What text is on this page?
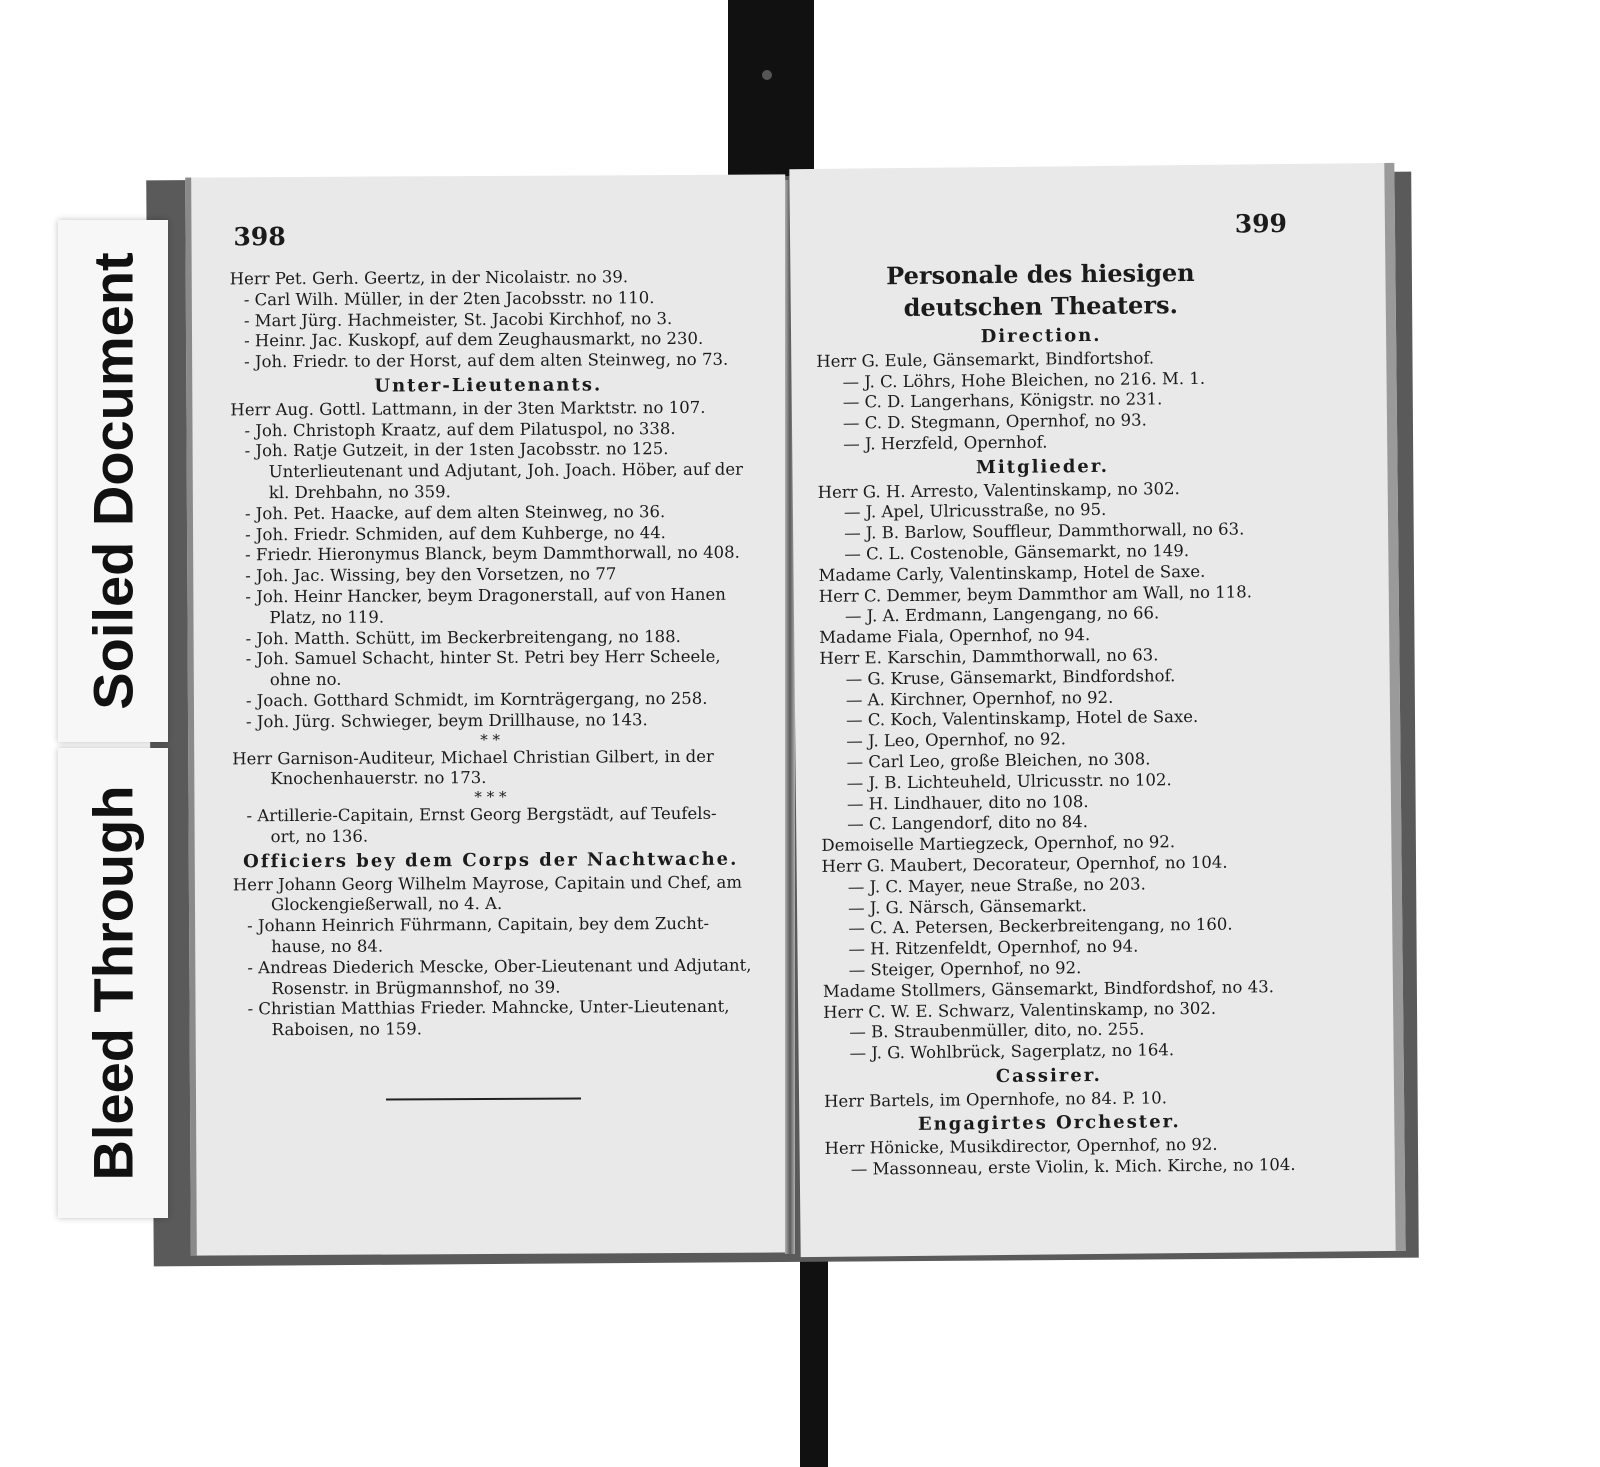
398
Herr Pet. Gerh. Geertz, in der Nicolaistr. no 39.
- Carl Wilh. Müller, in der 2ten Jacobsstr. no 110.
- Mart Jürg. Hachmeister, St. Jacobi Kirchhof, no 3.
- Heinr. Jac. Kuskopf, auf dem Zeughausmarkt, no 230.
- Joh. Friedr. to der Horst, auf dem alten Steinweg, no 73.
Unter-Lieutenants.
Herr Aug. Gottl. Lattmann, in der 3ten Marktstr. no 107.
- Joh. Christoph Kraatz, auf dem Pilatuspol, no 338.
- Joh. Ratje Gutzeit, in der 1sten Jacobsstr. no 125.
Unterlieutenant und Adjutant, Joh. Joach. Höber, auf der
kl. Drehbahn, no 359.
- Joh. Pet. Haacke, auf dem alten Steinweg, no 36.
- Joh. Friedr. Schmiden, auf dem Kuhberge, no 44.
- Friedr. Hieronymus Blanck, beym Dammthorwall, no 408.
- Joh. Jac. Wissing, bey den Vorsetzen, no 77
- Joh. Heinr Hancker, beym Dragonerstall, auf von Hanen
Platz, no 119.
- Joh. Matth. Schütt, im Beckerbreitengang, no 188.
- Joh. Samuel Schacht, hinter St. Petri bey Herr Scheele,
ohne no.
- Joach. Gotthard Schmidt, im Kornträgergang, no 258.
- Joh. Jürg. Schwieger, beym Drillhause, no 143.
* *
Herr Garnison-Auditeur, Michael Christian Gilbert, in der
Knochenhauerstr. no 173.
* * *
- Artillerie-Capitain, Ernst Georg Bergstädt, auf Teufels-
ort, no 136.
Officiers bey dem Corps der Nachtwache.
Herr Johann Georg Wilhelm Mayrose, Capitain und Chef, am
Glockengießerwall, no 4. A.
- Johann Heinrich Führmann, Capitain, bey dem Zucht-
hause, no 84.
- Andreas Diederich Mescke, Ober-Lieutenant und Adjutant,
Rosenstr. in Brügmannshof, no 39.
- Christian Matthias Frieder. Mahncke, Unter-Lieutenant,
Raboisen, no 159.
399
Personale des hiesigen deutschen Theaters.
Direction.
Herr G. Eule, Gänsemarkt, Bindfortshof.
— J. C. Löhrs, Hohe Bleichen, no 216. M. 1.
— C. D. Langerhans, Königstr. no 231.
— C. D. Stegmann, Opernhof, no 93.
— J. Herzfeld, Opernhof.
Mitglieder.
Herr G. H. Arresto, Valentinskamp, no 302.
— J. Apel, Ulricusstraße, no 95.
— J. B. Barlow, Souffleur, Dammthorwall, no 63.
— C. L. Costenoble, Gänsemarkt, no 149.
Madame Carly, Valentinskamp, Hotel de Saxe.
Herr C. Demmer, beym Dammthor am Wall, no 118.
— J. A. Erdmann, Langengang, no 66.
Madame Fiala, Opernhof, no 94.
Herr E. Karschin, Dammthorwall, no 63.
— G. Kruse, Gänsemarkt, Bindfordshof.
— A. Kirchner, Opernhof, no 92.
— C. Koch, Valentinskamp, Hotel de Saxe.
— J. Leo, Opernhof, no 92.
— Carl Leo, große Bleichen, no 308.
— J. B. Lichteuheld, Ulricusstr. no 102.
— H. Lindhauer, dito no 108.
— C. Langendorf, dito no 84.
Demoiselle Martiegzeck, Opernhof, no 92.
Herr G. Maubert, Decorateur, Opernhof, no 104.
— J. C. Mayer, neue Straße, no 203.
— J. G. Närsch, Gänsemarkt.
— C. A. Petersen, Beckerbreitengang, no 160.
— H. Ritzenfeldt, Opernhof, no 94.
— Steiger, Opernhof, no 92.
Madame Stollmers, Gänsemarkt, Bindfordshof, no 43.
Herr C. W. E. Schwarz, Valentinskamp, no 302.
— B. Straubenmüller, dito, no. 255.
— J. G. Wohlbrück, Sagerplatz, no 164.
Cassirer.
Herr Bartels, im Opernhofe, no 84. P. 10.
Engagirtes Orchester.
Herr Hönicke, Musikdirector, Opernhof, no 92.
— Massonneau, erste Violin, k. Mich. Kirche, no 104.
Soiled Document
Bleed Through
